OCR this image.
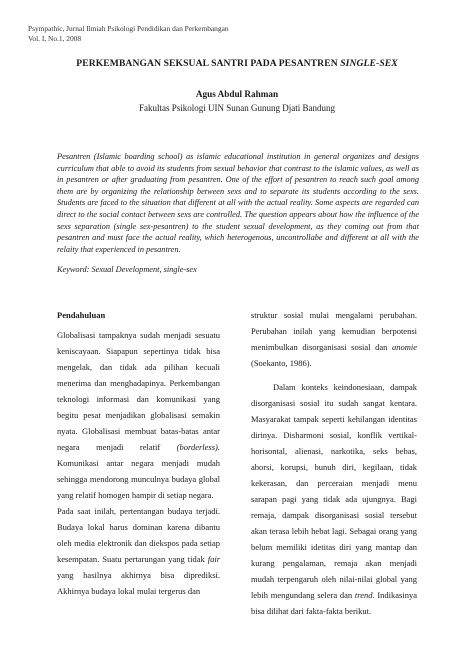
Psympathic, Jurnal Ilmiah Psikologi Pendidikan dan Perkembangan
Vol. I, No.1, 2008
PERKEMBANGAN SEKSUAL SANTRI PADA PESANTREN SINGLE-SEX
Agus Abdul Rahman
Fakultas Psikologi UIN Sunan Gunung Djati Bandung

Pesantren (Islamic boarding school) as islamic educational institution in general organizes and designs curriculum that able to avoid its students from sexual behavior that contrast to the islamic values, as well as in pesantren or after graduating from pesantren. One of the effort of pesantren to reach such goal among them are by organizing the relationship between sexs and to separate its students according to the sexs. Students are faced to the situation that different at all with the actual reality. Some aspects are regarded can direct to the social contact between sexs are controlled. The question appears about how the influence of the sexs separation (single sex-pesantren) to the student sexual development, as they coming out from that pesantren and must face the actual reality, which heterogenous, uncontrollabe and different at all with the relaity that experienced in pesantren.

Keyword: Sexual Development, single-sex

Pendahuluan

Globalisasi tampaknya sudah menjadi sesuatu keniscayaan. Siapapun sepertinya tidak bisa mengelak, dan tidak ada pilihan kecuali menerima dan menghadapinya. Perkembangan teknologi informasi dan komunikasi yang begitu pesat menjadikan globalisasi semakin nyata. Globalisasi membuat batas-batas antar negara menjadi relatif (borderless). Komunikasi antar negara menjadi mudah sehingga mendorong munculnya budaya global yang relatif homogen hampir di setiap negara.

Pada saat inilah, pertentangan budaya terjadi. Budaya lokal harus dominan karena dibantu oleh media elektronik dan diekspos pada setiap kesempatan. Suatu pertarungan yang tidak fair yang hasilnya akhirnya bisa diprediksi. Akhirnya budaya lokal mulai tergerus dan

struktur sosial mulai mengalami perubahan. Perubahan inilah yang kemudian berpotensi menimbulkan disorganisasi sosial dan anomie (Soekanto, 1986).

Dalam konteks keindonesiaan, dampak disorganisasi sosial itu sudah sangat kentara. Masyarakat tampak seperti kehilangan identitas dirinya. Disharmoni sosial, konflik vertikal-horisontal, alienasi, narkotika, seks bebas, aborsi, korupsi, bunuh diri, kegilaan, tidak kekerasan, dan perceraian menjadi menu sarapan pagi yang tidak ada ujungnya. Bagi remaja, dampak disorganisasi sosial tersebut akan terasa lebih hebat lagi. Sebagai orang yang belum memiliki idetitas diri yang mantap dan kurang pengalaman, remaja akan menjadi mudah terpengaruh oleh nilai-nilai global yang lebih mengundang selera dan trend. Indikasinya bisa dilihat dari fakta-fakta berikut.
